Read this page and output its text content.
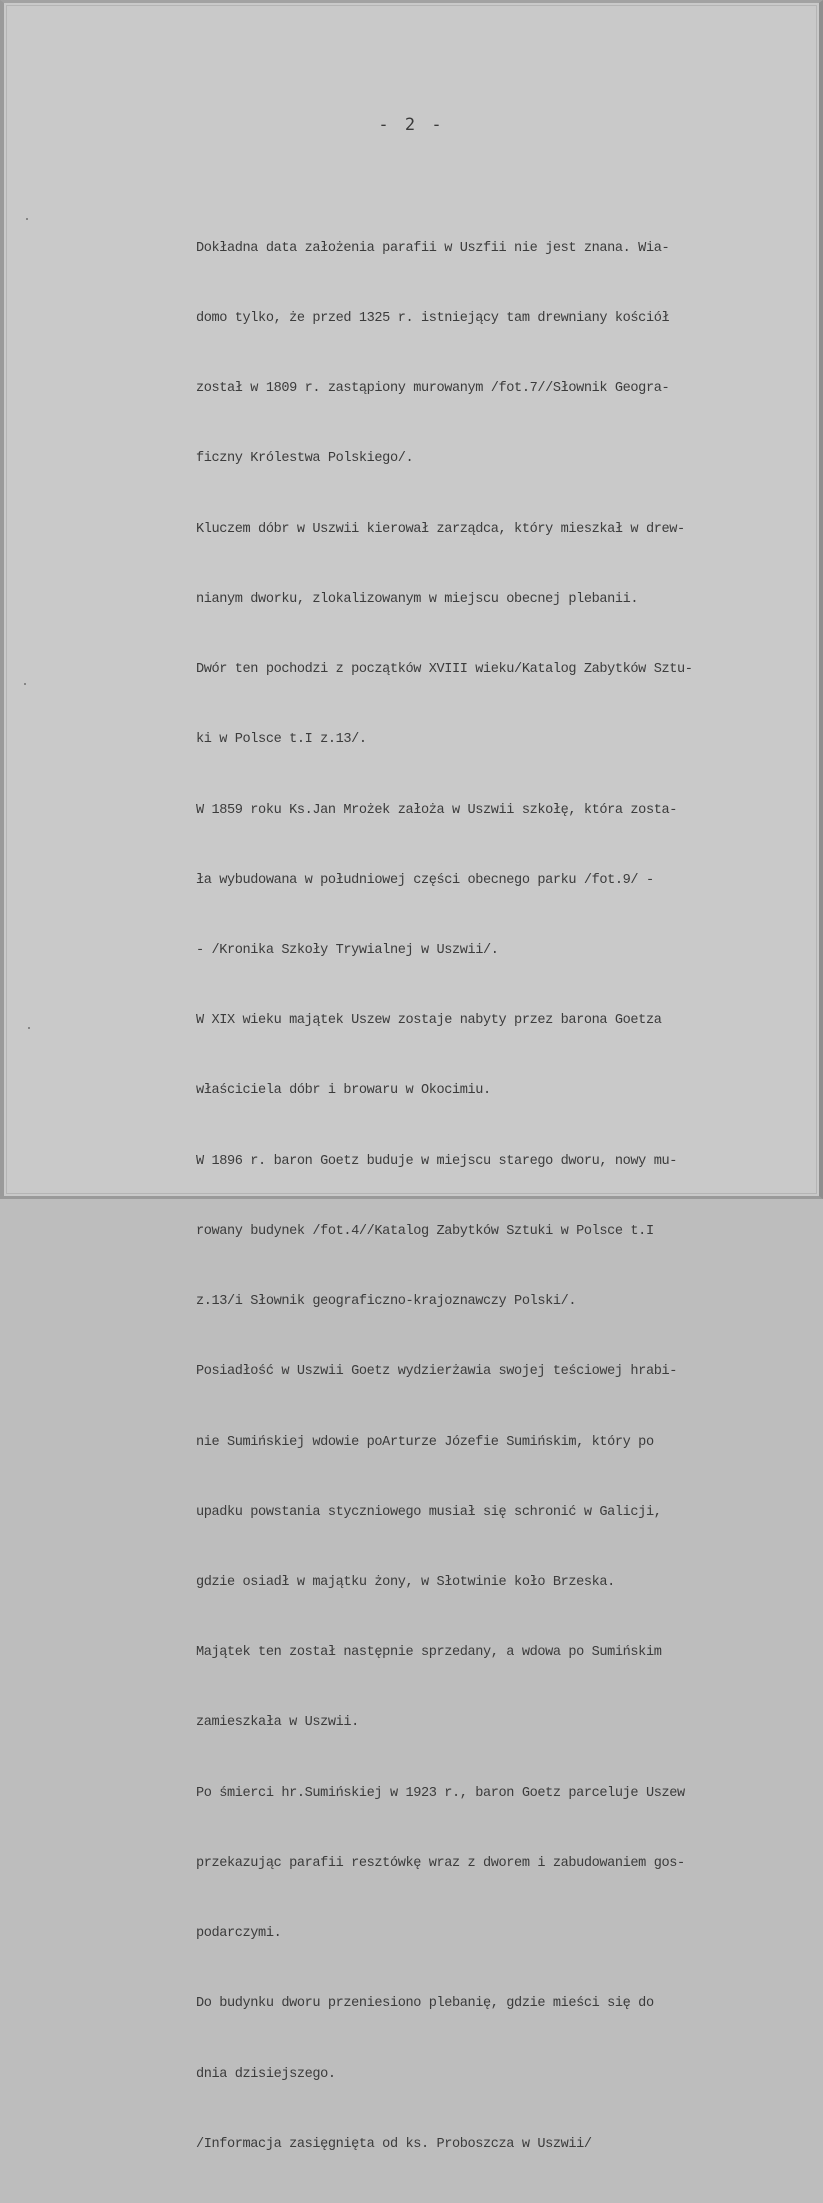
- 2 -

Dokładna data założenia parafii w Uszfii nie jest znana. Wia-

domo tylko, że przed 1325 r. istniejący tam drewniany kościół

został w 1809 r. zastąpiony murowanym /fot.7//Słownik Geogra-

ficzny Królestwa Polskiego/.

Kluczem dóbr w Uszwii kierował zarządca, który mieszkał w drew-

nianym dworku, zlokalizowanym w miejscu obecnej plebanii.

Dwór ten pochodzi z początków XVIII wieku/Katalog Zabytków Sztu-

ki w Polsce t.I z.13/.

W 1859 roku Ks.Jan Mrożek założa w Uszwii szkołę, która zosta-

ła wybudowana w południowej części obecnego parku /fot.9/ -

- /Kronika Szkoły Trywialnej w Uszwii/.

W XIX wieku majątek Uszew zostaje nabyty przez barona Goetza

właściciela dóbr i browaru w Okocimiu.

W 1896 r. baron Goetz buduje w miejscu starego dworu, nowy mu-

rowany budynek /fot.4//Katalog Zabytków Sztuki w Polsce t.I

z.13/i Słownik geograficzno-krajoznawczy Polski/.

Posiadłość w Uszwii Goetz wydzierżawia swojej teściowej hrabi-

nie Sumińskiej wdowie poArturze Józefie Sumińskim, który po

upadku powstania styczniowego musiał się schronić w Galicji,

gdzie osiadł w majątku żony, w Słotwinie koło Brzeska.

Majątek ten został następnie sprzedany, a wdowa po Sumińskim

zamieszkała w Uszwii.

Po śmierci hr.Sumińskiej w 1923 r., baron Goetz parceluje Uszew

przekazując parafii resztówkę wraz z dworem i zabudowaniem gos-

podarczymi.

Do budynku dworu przeniesiono plebanię, gdzie mieści się do

dnia dzisiejszego.

/Informacja zasięgnięta od ks. Proboszcza w Uszwii/
